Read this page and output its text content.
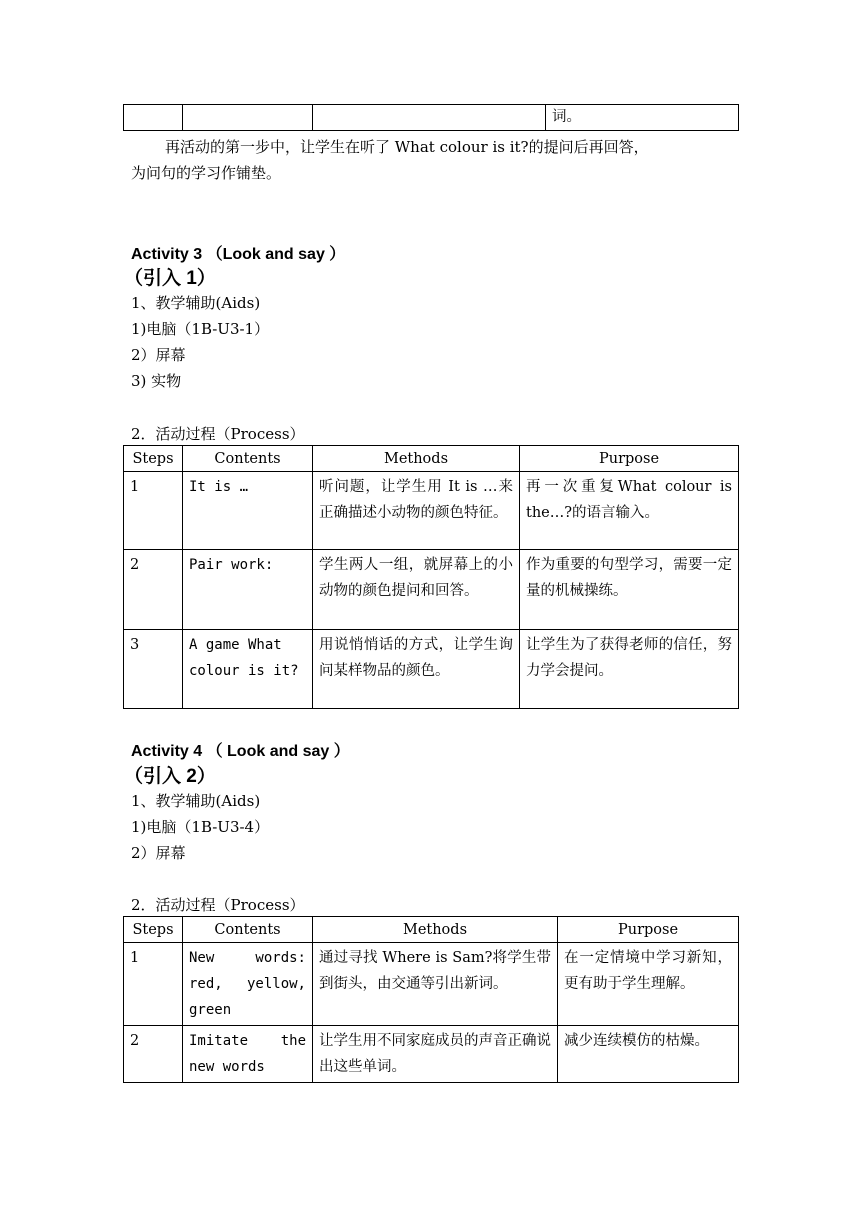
			词。
再活动的第一步中，让学生在听了 What colour is it?的提问后再回答，
为问句的学习作铺垫。
Activity 3 （Look and say ）
（引入 1）
1、教学辅助(Aids)
1)电脑（1B-U3-1）
2）屏幕
3) 实物
2．活动过程（Process）
Steps	Contents	Methods	Purpose
1	It is …	听问题，让学生用 It is …来正确描述小动物的颜色特征。	再一次重复What colour is the…?的语言输入。
2	Pair work:	学生两人一组，就屏幕上的小动物的颜色提问和回答。	作为重要的句型学习，需要一定量的机械操练。
3	A game What colour is it?	用说悄悄话的方式，让学生询问某样物品的颜色。	让学生为了获得老师的信任，努力学会提问。
Activity 4 （ Look and say ）
（引入 2）
1、教学辅助(Aids)
1)电脑（1B-U3-4）
2）屏幕
2．活动过程（Process）
Steps	Contents	Methods	Purpose
1	New words: red, yellow, green	通过寻找 Where is Sam?将学生带到街头，由交通等引出新词。	在一定情境中学习新知，更有助于学生理解。
2	Imitate the new words	让学生用不同家庭成员的声音正确说出这些单词。	减少连续模仿的枯燥。
